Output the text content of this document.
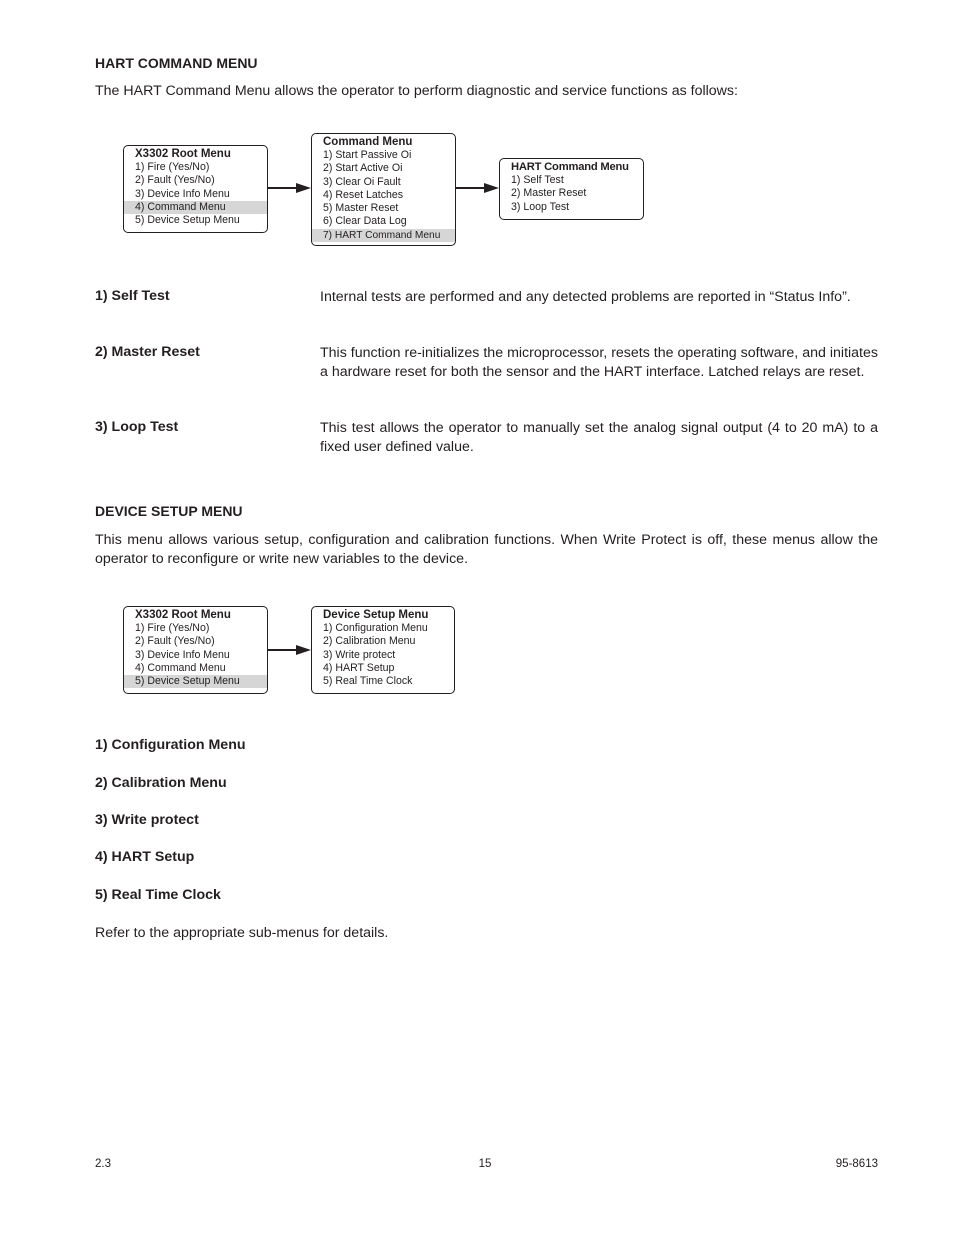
HART COMMAND MENU
The HART Command Menu allows the operator to perform diagnostic and service functions as follows:
X3302 Root Menu
1) Fire (Yes/No)
2) Fault (Yes/No)
3) Device Info Menu
4) Command Menu
5) Device Setup Menu
Command Menu
1) Start Passive Oi
2) Start Active Oi
3) Clear Oi Fault
4) Reset Latches
5) Master Reset
6) Clear Data Log
7) HART Command Menu
HART Command Menu
1) Self Test
2) Master Reset
3) Loop Test
1) Self Test	Internal tests are performed and any detected problems are reported in “Status Info”.
2) Master Reset	This function re-initializes the microprocessor, resets the operating software, and initiates a hardware reset for both the sensor and the HART interface. Latched relays are reset.
3) Loop Test	This test allows the operator to manually set the analog signal output (4 to 20 mA) to a fixed user defined value.
DEVICE SETUP MENU
This menu allows various setup, configuration and calibration functions. When Write Protect is off, these menus allow the operator to reconfigure or write new variables to the device.
X3302 Root Menu
1) Fire (Yes/No)
2) Fault (Yes/No)
3) Device Info Menu
4) Command Menu
5) Device Setup Menu
Device Setup Menu
1) Configuration Menu
2) Calibration Menu
3) Write protect
4) HART Setup
5) Real Time Clock
1) Configuration Menu
2) Calibration Menu
3) Write protect
4) HART Setup
5) Real Time Clock
Refer to the appropriate sub-menus for details.
2.3	15	95-8613
